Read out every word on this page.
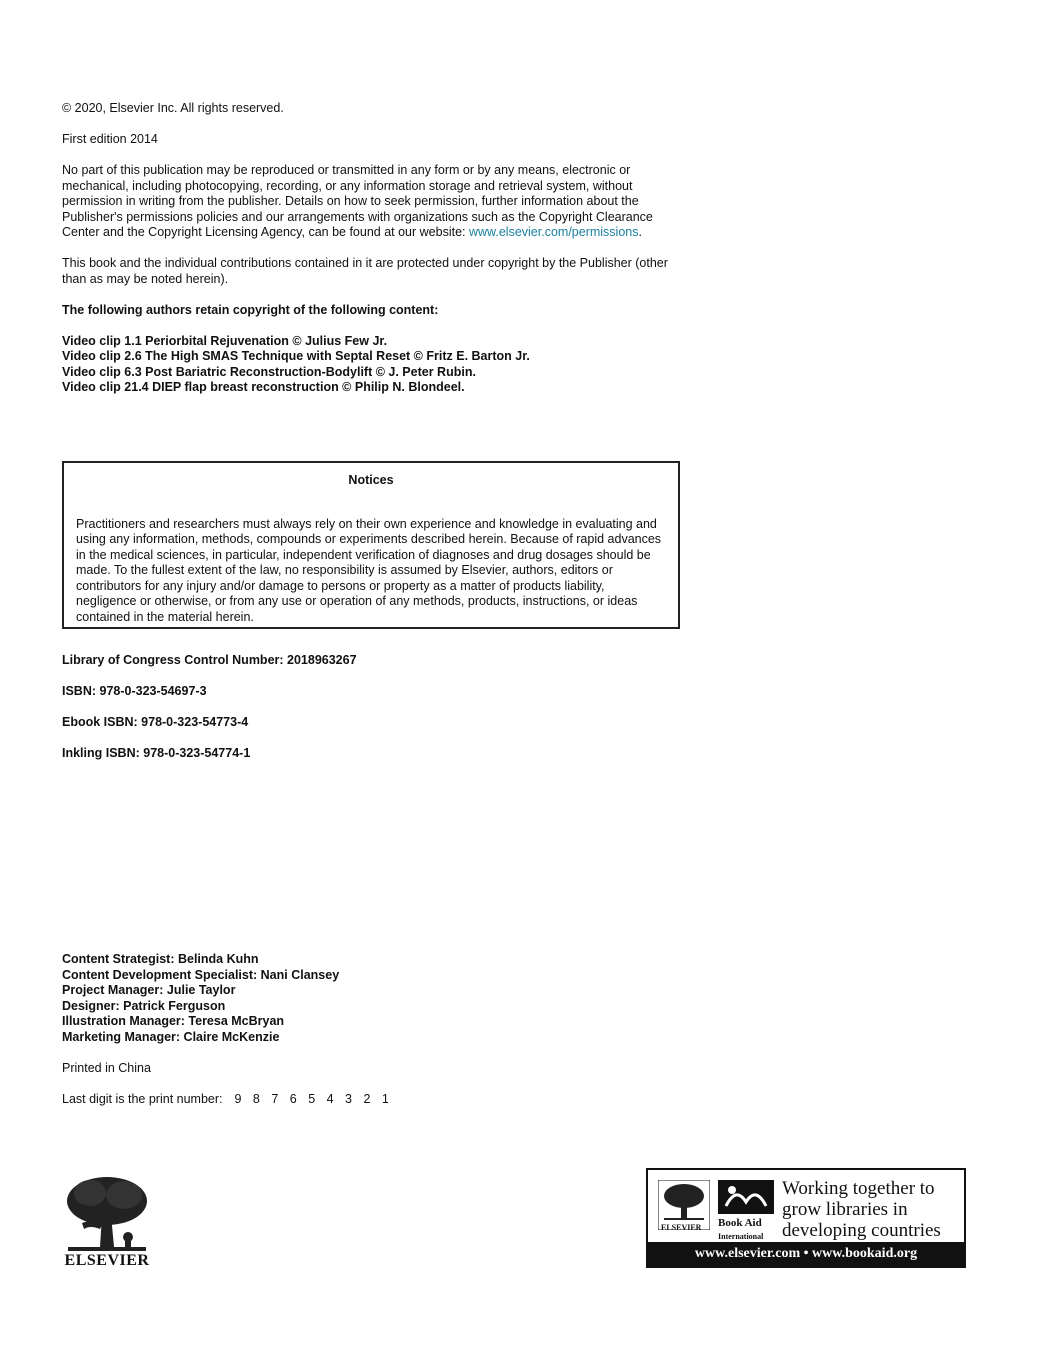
© 2020, Elsevier Inc. All rights reserved.

First edition 2014

No part of this publication may be reproduced or transmitted in any form or by any means, electronic or mechanical, including photocopying, recording, or any information storage and retrieval system, without permission in writing from the publisher. Details on how to seek permission, further information about the Publisher's permissions policies and our arrangements with organizations such as the Copyright Clearance Center and the Copyright Licensing Agency, can be found at our website: www.elsevier.com/permissions.

This book and the individual contributions contained in it are protected under copyright by the Publisher (other than as may be noted herein).

The following authors retain copyright of the following content:

Video clip 1.1 Periorbital Rejuvenation © Julius Few Jr.

Video clip 2.6 The High SMAS Technique with Septal Reset © Fritz E. Barton Jr.

Video clip 6.3 Post Bariatric Reconstruction-Bodylift © J. Peter Rubin.

Video clip 21.4 DIEP flap breast reconstruction © Philip N. Blondeel.

Notices

Practitioners and researchers must always rely on their own experience and knowledge in evaluating and using any information, methods, compounds or experiments described herein. Because of rapid advances in the medical sciences, in particular, independent verification of diagnoses and drug dosages should be made. To the fullest extent of the law, no responsibility is assumed by Elsevier, authors, editors or contributors for any injury and/or damage to persons or property as a matter of products liability, negligence or otherwise, or from any use or operation of any methods, products, instructions, or ideas contained in the material herein.

Library of Congress Control Number: 2018963267

ISBN: 978-0-323-54697-3

Ebook ISBN: 978-0-323-54773-4

Inkling ISBN: 978-0-323-54774-1

Content Strategist: Belinda Kuhn

Content Development Specialist: Nani Clansey

Project Manager: Julie Taylor

Designer: Patrick Ferguson

Illustration Manager: Teresa McBryan

Marketing Manager: Claire McKenzie

Printed in China

Last digit is the print number: 9 8 7 6 5 4 3 2 1

ELSEVIER
ELSEVIER Book Aid
International
Working together to grow libraries in developing countries
www.elsevier.com • www.bookaid.org
